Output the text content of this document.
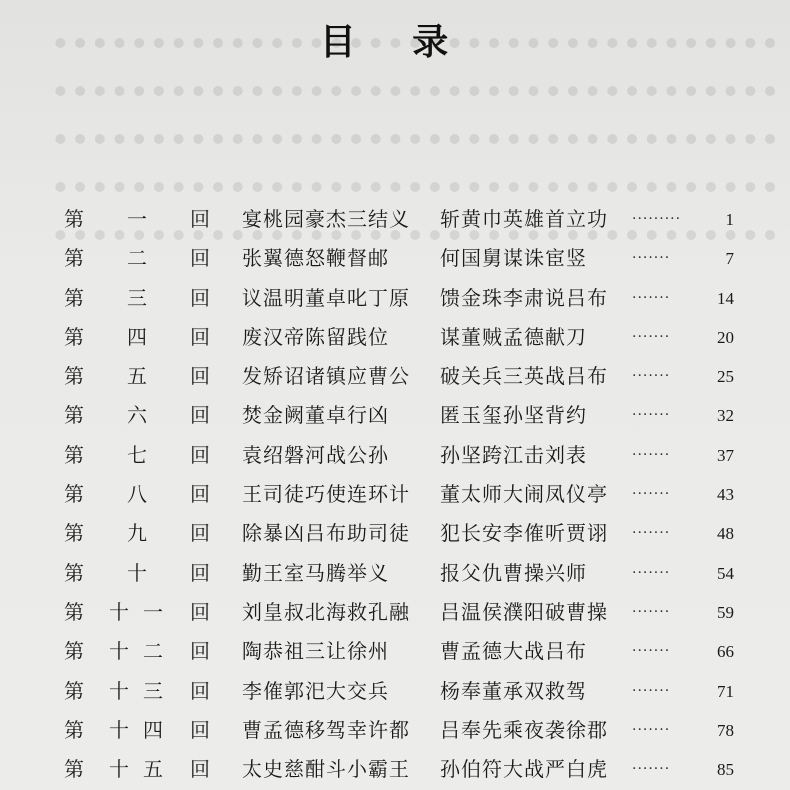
目 录
第	一	回 宴桃园豪杰三结义 斩黄巾英雄首立功 ·········	1
第	二	回 张翼德怒鞭督邮	何国舅谋诛宦竖	·······	7
第	三	回 议温明董卓叱丁原 馈金珠李肃说吕布 ·······	14
第	四	回 废汉帝陈留践位	谋董贼孟德献刀	·······	20
第	五	回 发矫诏诸镇应曹公 破关兵三英战吕布 ·······	25
第	六	回 焚金阙董卓行凶	匿玉玺孙坚背约	·······	32
第	七	回 袁绍磐河战公孙	孙坚跨江击刘表	·······	37
第	八	回 王司徒巧使连环计 董太师大闹凤仪亭 ·······	43
第	九	回 除暴凶吕布助司徒 犯长安李傕听贾诩 ·······	48
第	十	回 勤王室马腾举义	报父仇曹操兴师	·······	54
第	十 一	回 刘皇叔北海救孔融 吕温侯濮阳破曹操 ·······	59
第	十 二	回 陶恭祖三让徐州	曹孟德大战吕布	·······	66
第	十 三	回 李傕郭汜大交兵	杨奉董承双救驾	·······	71
第	十 四	回 曹孟德移驾幸许都 吕奉先乘夜袭徐郡 ·······	78
第	十 五	回 太史慈酣斗小霸王 孙伯符大战严白虎 ·······	85
